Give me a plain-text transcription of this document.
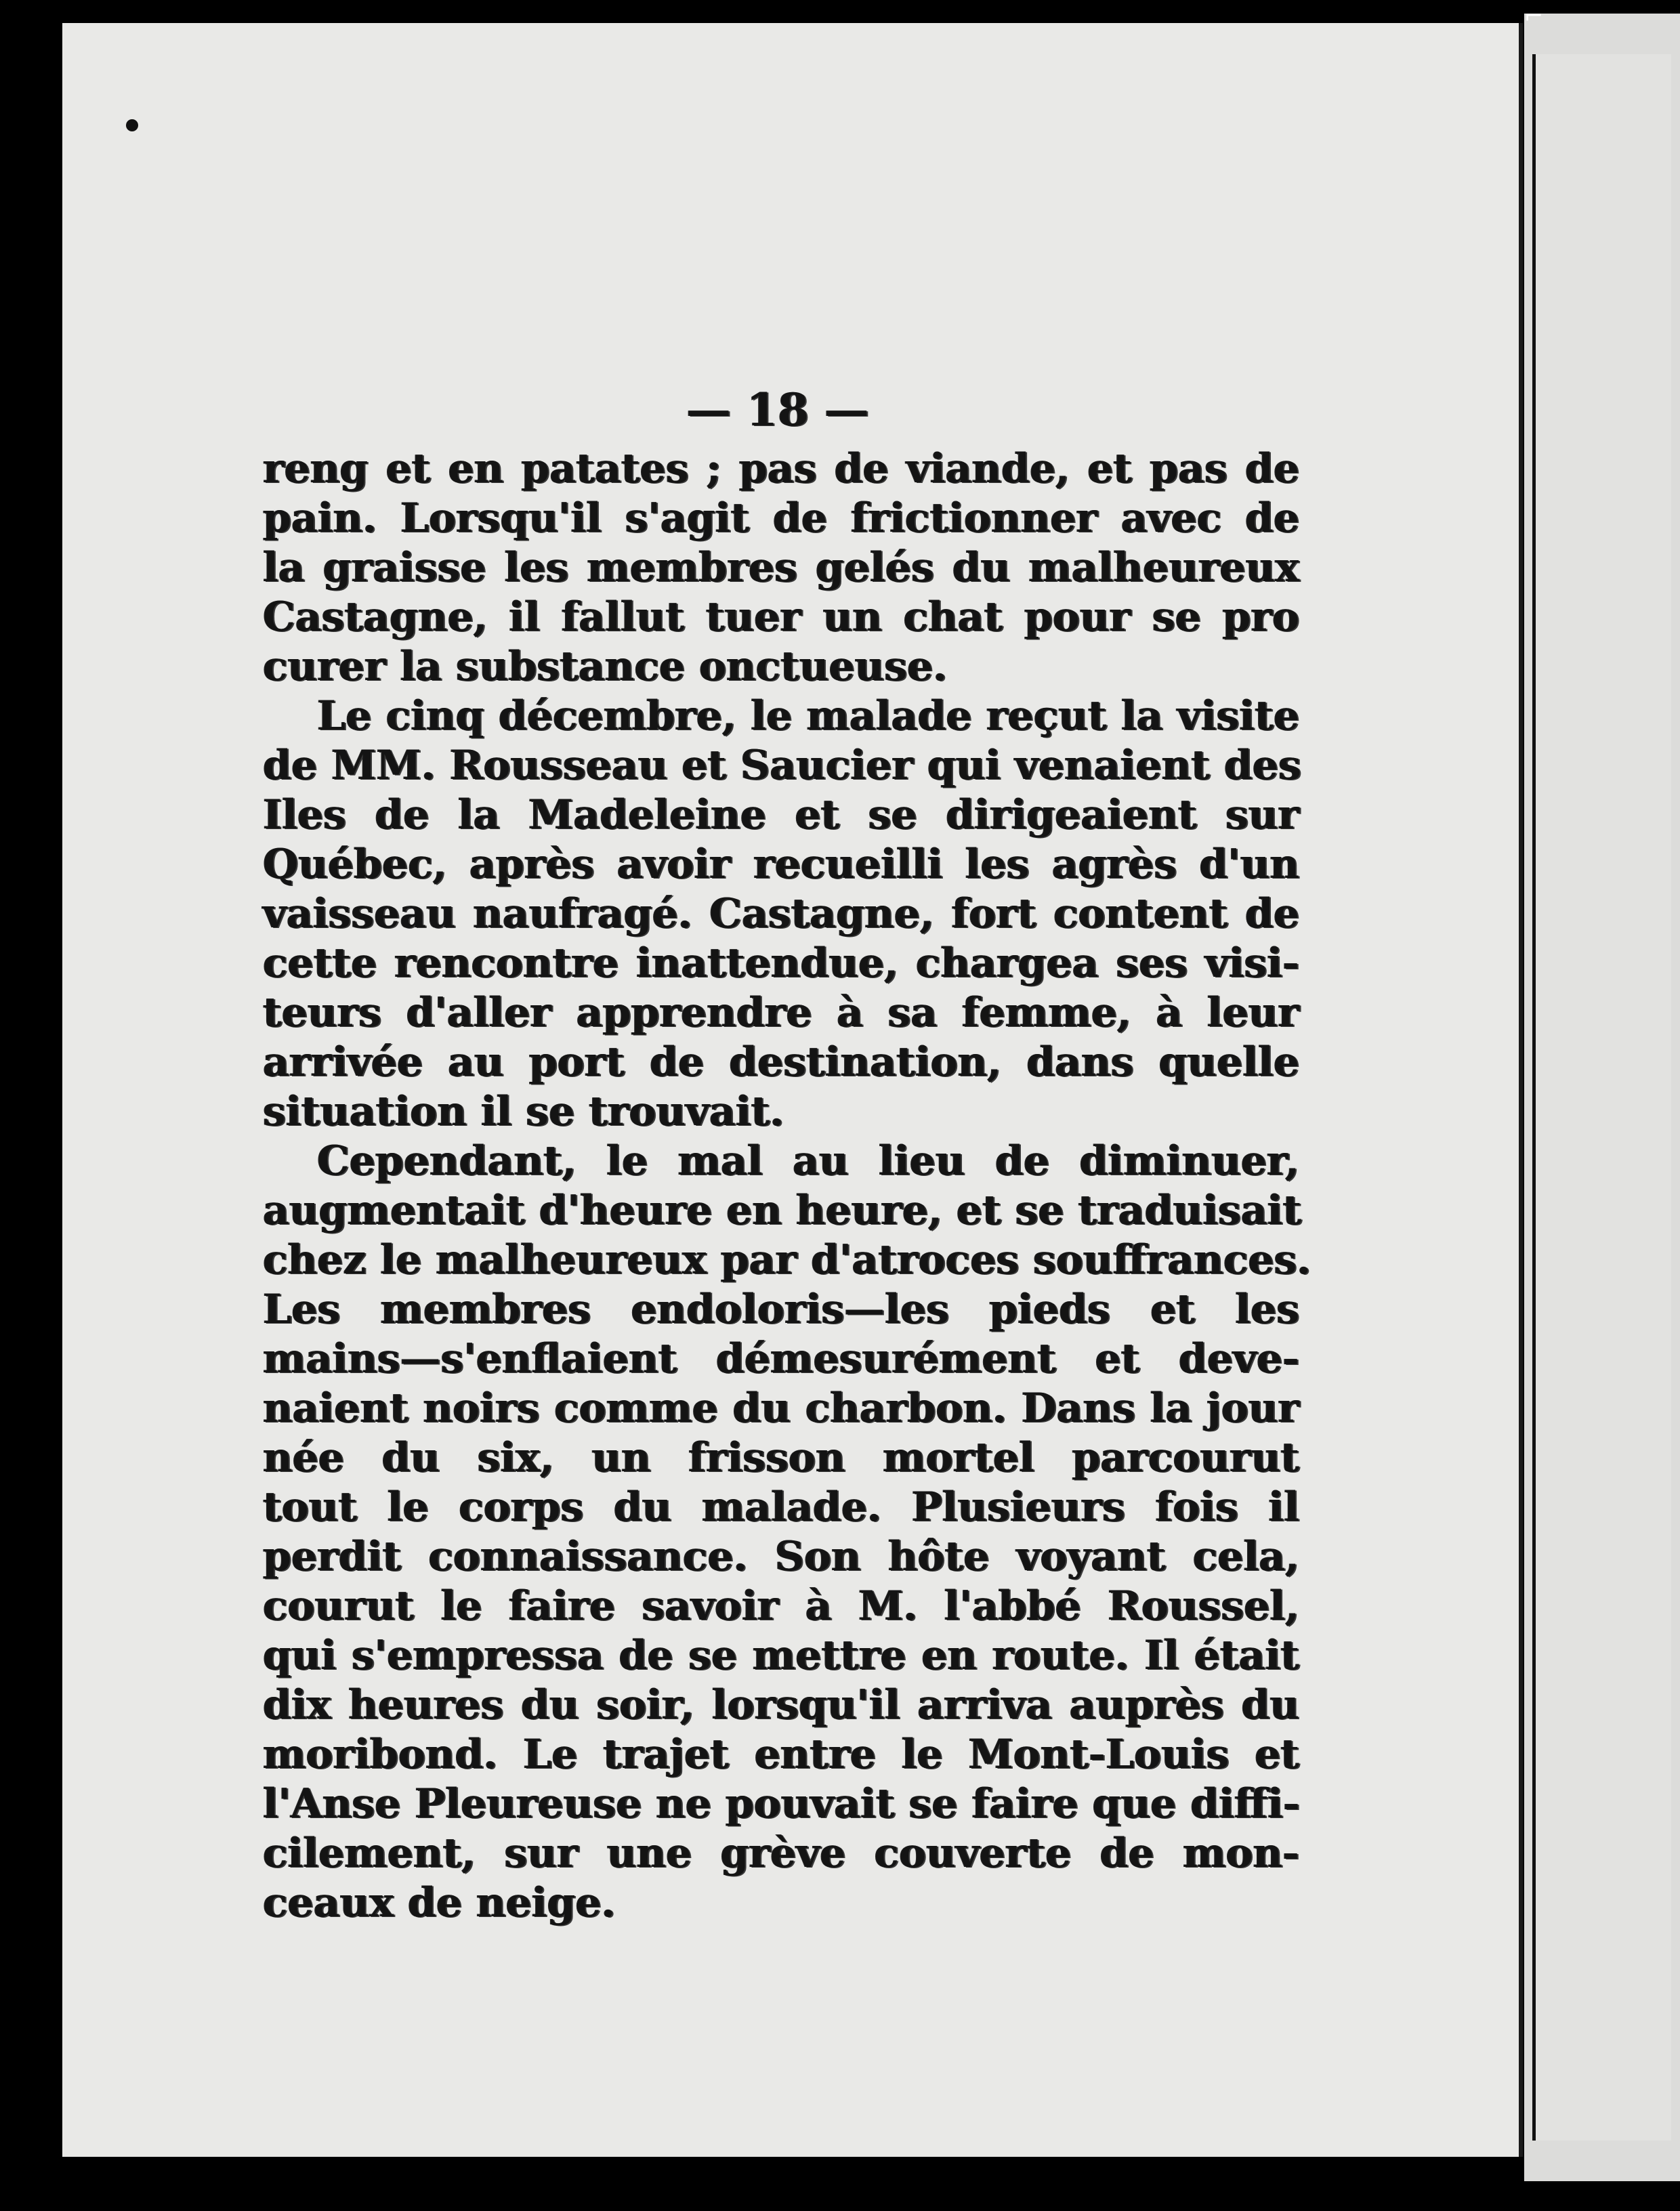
⌐
— 18 —
reng et en patates ; pas de viande, et pas de
pain. Lorsqu'il s'agit de frictionner avec de
la graisse les membres gelés du malheureux
Castagne, il fallut tuer un chat pour se pro
curer la substance onctueuse.
Le cinq décembre, le malade reçut la visite
de MM. Rousseau et Saucier qui venaient des
Iles de la Madeleine et se dirigeaient sur
Québec, après avoir recueilli les agrès d'un
vaisseau naufragé. Castagne, fort content de
cette rencontre inattendue, chargea ses visi-
teurs d'aller apprendre à sa femme, à leur
arrivée au port de destination, dans quelle
situation il se trouvait.
Cependant, le mal au lieu de diminuer,
augmentait d'heure en heure, et se traduisait
chez le malheureux par d'atroces souffrances.
Les membres endoloris—les pieds et les
mains—s'enflaient démesurément et deve-
naient noirs comme du charbon. Dans la jour
née du six, un frisson mortel parcourut
tout le corps du malade. Plusieurs fois il
perdit connaissance. Son hôte voyant cela,
courut le faire savoir à M. l'abbé Roussel,
qui s'empressa de se mettre en route. Il était
dix heures du soir, lorsqu'il arriva auprès du
moribond. Le trajet entre le Mont-Louis et
l'Anse Pleureuse ne pouvait se faire que diffi-
cilement, sur une grève couverte de mon-
ceaux de neige.
